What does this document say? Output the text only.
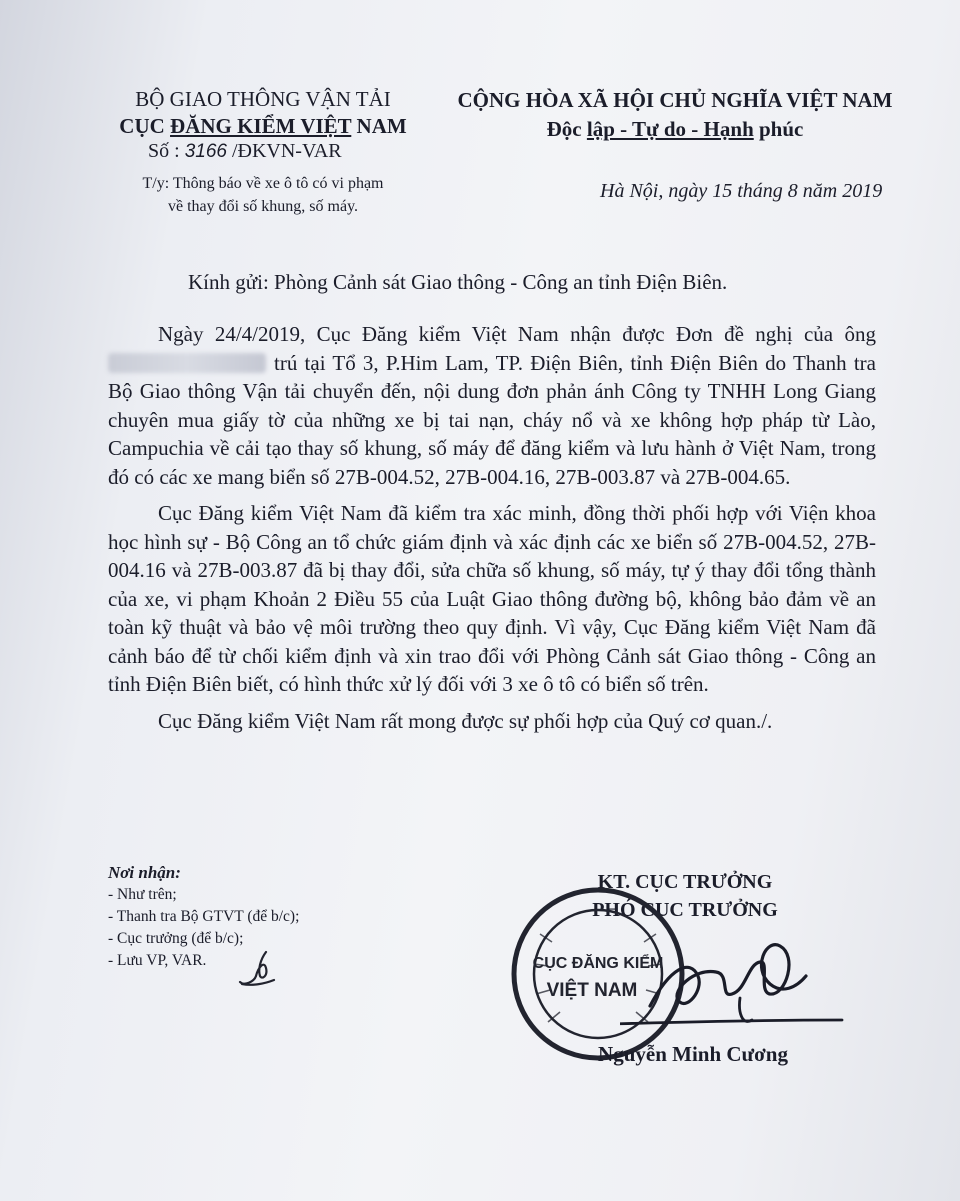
BỘ GIAO THÔNG VẬN TẢI
CỤC ĐĂNG KIỂM VIỆT NAM
Số : 3166 /ĐKVN-VAR
T/y: Thông báo về xe ô tô có vi phạm
về thay đổi số khung, số máy.
CỘNG HÒA XÃ HỘI CHỦ NGHĨA VIỆT NAM
Độc lập - Tự do - Hạnh phúc
Hà Nội, ngày 15 tháng 8 năm 2019
Kính gửi: Phòng Cảnh sát Giao thông - Công an tỉnh Điện Biên.

Ngày 24/4/2019, Cục Đăng kiểm Việt Nam nhận được Đơn đề nghị của ông trú tại Tổ 3, P.Him Lam, TP. Điện Biên, tỉnh Điện Biên do Thanh tra Bộ Giao thông Vận tải chuyển đến, nội dung đơn phản ánh Công ty TNHH Long Giang chuyên mua giấy tờ của những xe bị tai nạn, cháy nổ và xe không hợp pháp từ Lào, Campuchia về cải tạo thay số khung, số máy để đăng kiểm và lưu hành ở Việt Nam, trong đó có các xe mang biển số 27B-004.52, 27B-004.16, 27B-003.87 và 27B-004.65.

Cục Đăng kiểm Việt Nam đã kiểm tra xác minh, đồng thời phối hợp với Viện khoa học hình sự - Bộ Công an tổ chức giám định và xác định các xe biển số 27B-004.52, 27B-004.16 và 27B-003.87 đã bị thay đổi, sửa chữa số khung, số máy, tự ý thay đổi tổng thành của xe, vi phạm Khoản 2 Điều 55 của Luật Giao thông đường bộ, không bảo đảm về an toàn kỹ thuật và bảo vệ môi trường theo quy định. Vì vậy, Cục Đăng kiểm Việt Nam đã cảnh báo để từ chối kiểm định và xin trao đổi với Phòng Cảnh sát Giao thông - Công an tỉnh Điện Biên biết, có hình thức xử lý đối với 3 xe ô tô có biển số trên.

Cục Đăng kiểm Việt Nam rất mong được sự phối hợp của Quý cơ quan./.

Nơi nhận:
- Như trên;
- Thanh tra Bộ GTVT (để b/c);
- Cục trưởng (để b/c);
- Lưu VP, VAR.
KT. CỤC TRƯỞNG
PHÓ CỤC TRƯỞNG
CỤC ĐĂNG KIỂM
VIỆT NAM
Nguyễn Minh Cương
